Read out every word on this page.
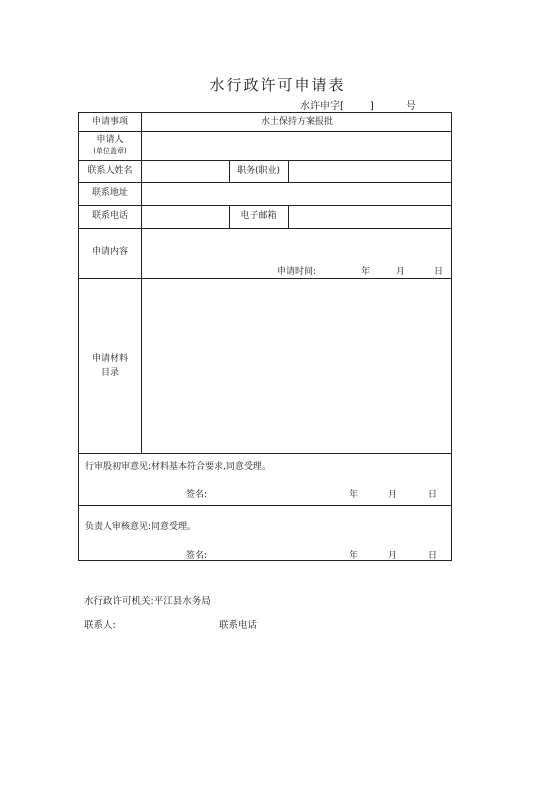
水行政许可申请表
水许申字[	]	号
申请事项	水土保持方案报批
申请人
(单位盖章)
联系人姓名	职务(职业)
联系地址
联系电话	电子邮箱
申请内容
申请时间:	年	月	日
申请材料
目录
行审股初审意见:材料基本符合要求,同意受理。
签名:	年	月	日
负责人审核意见:同意受理。
签名:	年	月	日
水行政许可机关:平江县水务局
联系人:	联系电话
